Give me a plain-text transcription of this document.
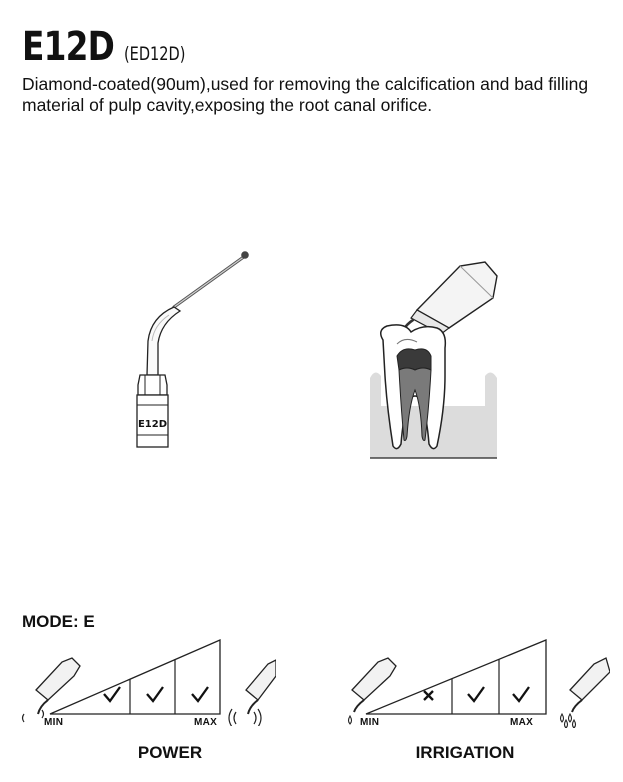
E12D (ED12D)
Diamond-coated(90um),used for removing the calcification and bad filling material of pulp cavity,exposing the root canal orifice.
E12D
MODE: E
MIN	MAX
POWER
MIN	MAX
IRRIGATION
